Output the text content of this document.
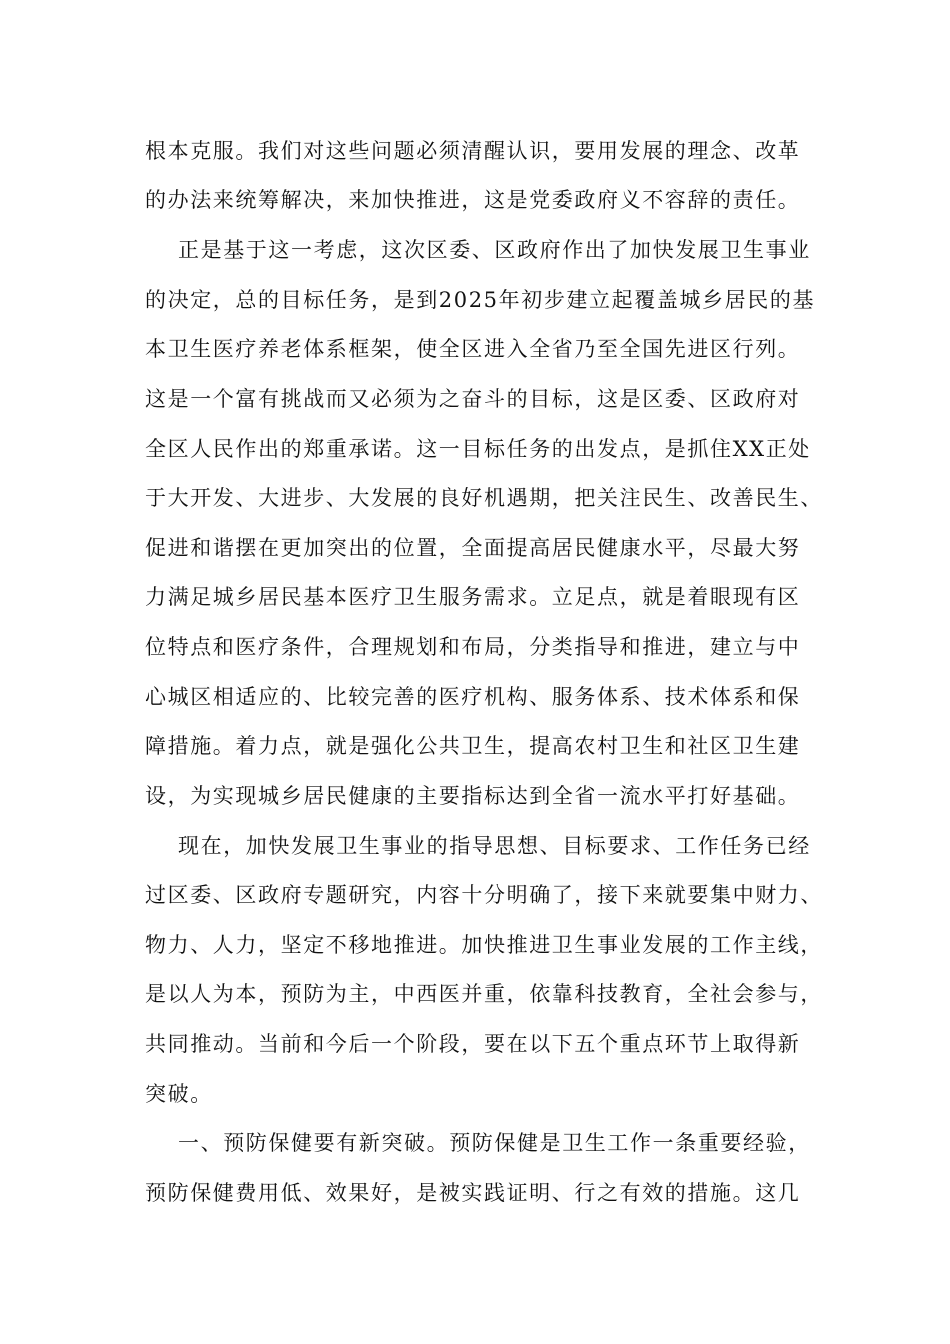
根本克服。我们对这些问题必须清醒认识，要用发展的理念、改革
的办法来统筹解决，来加快推进，这是党委政府义不容辞的责任。
正是基于这一考虑，这次区委、区政府作出了加快发展卫生事业
的决定，总的目标任务，是到2025年初步建立起覆盖城乡居民的基
本卫生医疗养老体系框架，使全区进入全省乃至全国先进区行列。
这是一个富有挑战而又必须为之奋斗的目标，这是区委、区政府对
全区人民作出的郑重承诺。这一目标任务的出发点，是抓住XX正处
于大开发、大进步、大发展的良好机遇期，把关注民生、改善民生、
促进和谐摆在更加突出的位置，全面提高居民健康水平，尽最大努
力满足城乡居民基本医疗卫生服务需求。立足点，就是着眼现有区
位特点和医疗条件，合理规划和布局，分类指导和推进，建立与中
心城区相适应的、比较完善的医疗机构、服务体系、技术体系和保
障措施。着力点，就是强化公共卫生，提高农村卫生和社区卫生建
设，为实现城乡居民健康的主要指标达到全省一流水平打好基础。
现在，加快发展卫生事业的指导思想、目标要求、工作任务已经
过区委、区政府专题研究，内容十分明确了，接下来就要集中财力、
物力、人力，坚定不移地推进。加快推进卫生事业发展的工作主线，
是以人为本，预防为主，中西医并重，依靠科技教育，全社会参与，
共同推动。当前和今后一个阶段，要在以下五个重点环节上取得新
突破。
一、预防保健要有新突破。预防保健是卫生工作一条重要经验，
预防保健费用低、效果好，是被实践证明、行之有效的措施。这几
